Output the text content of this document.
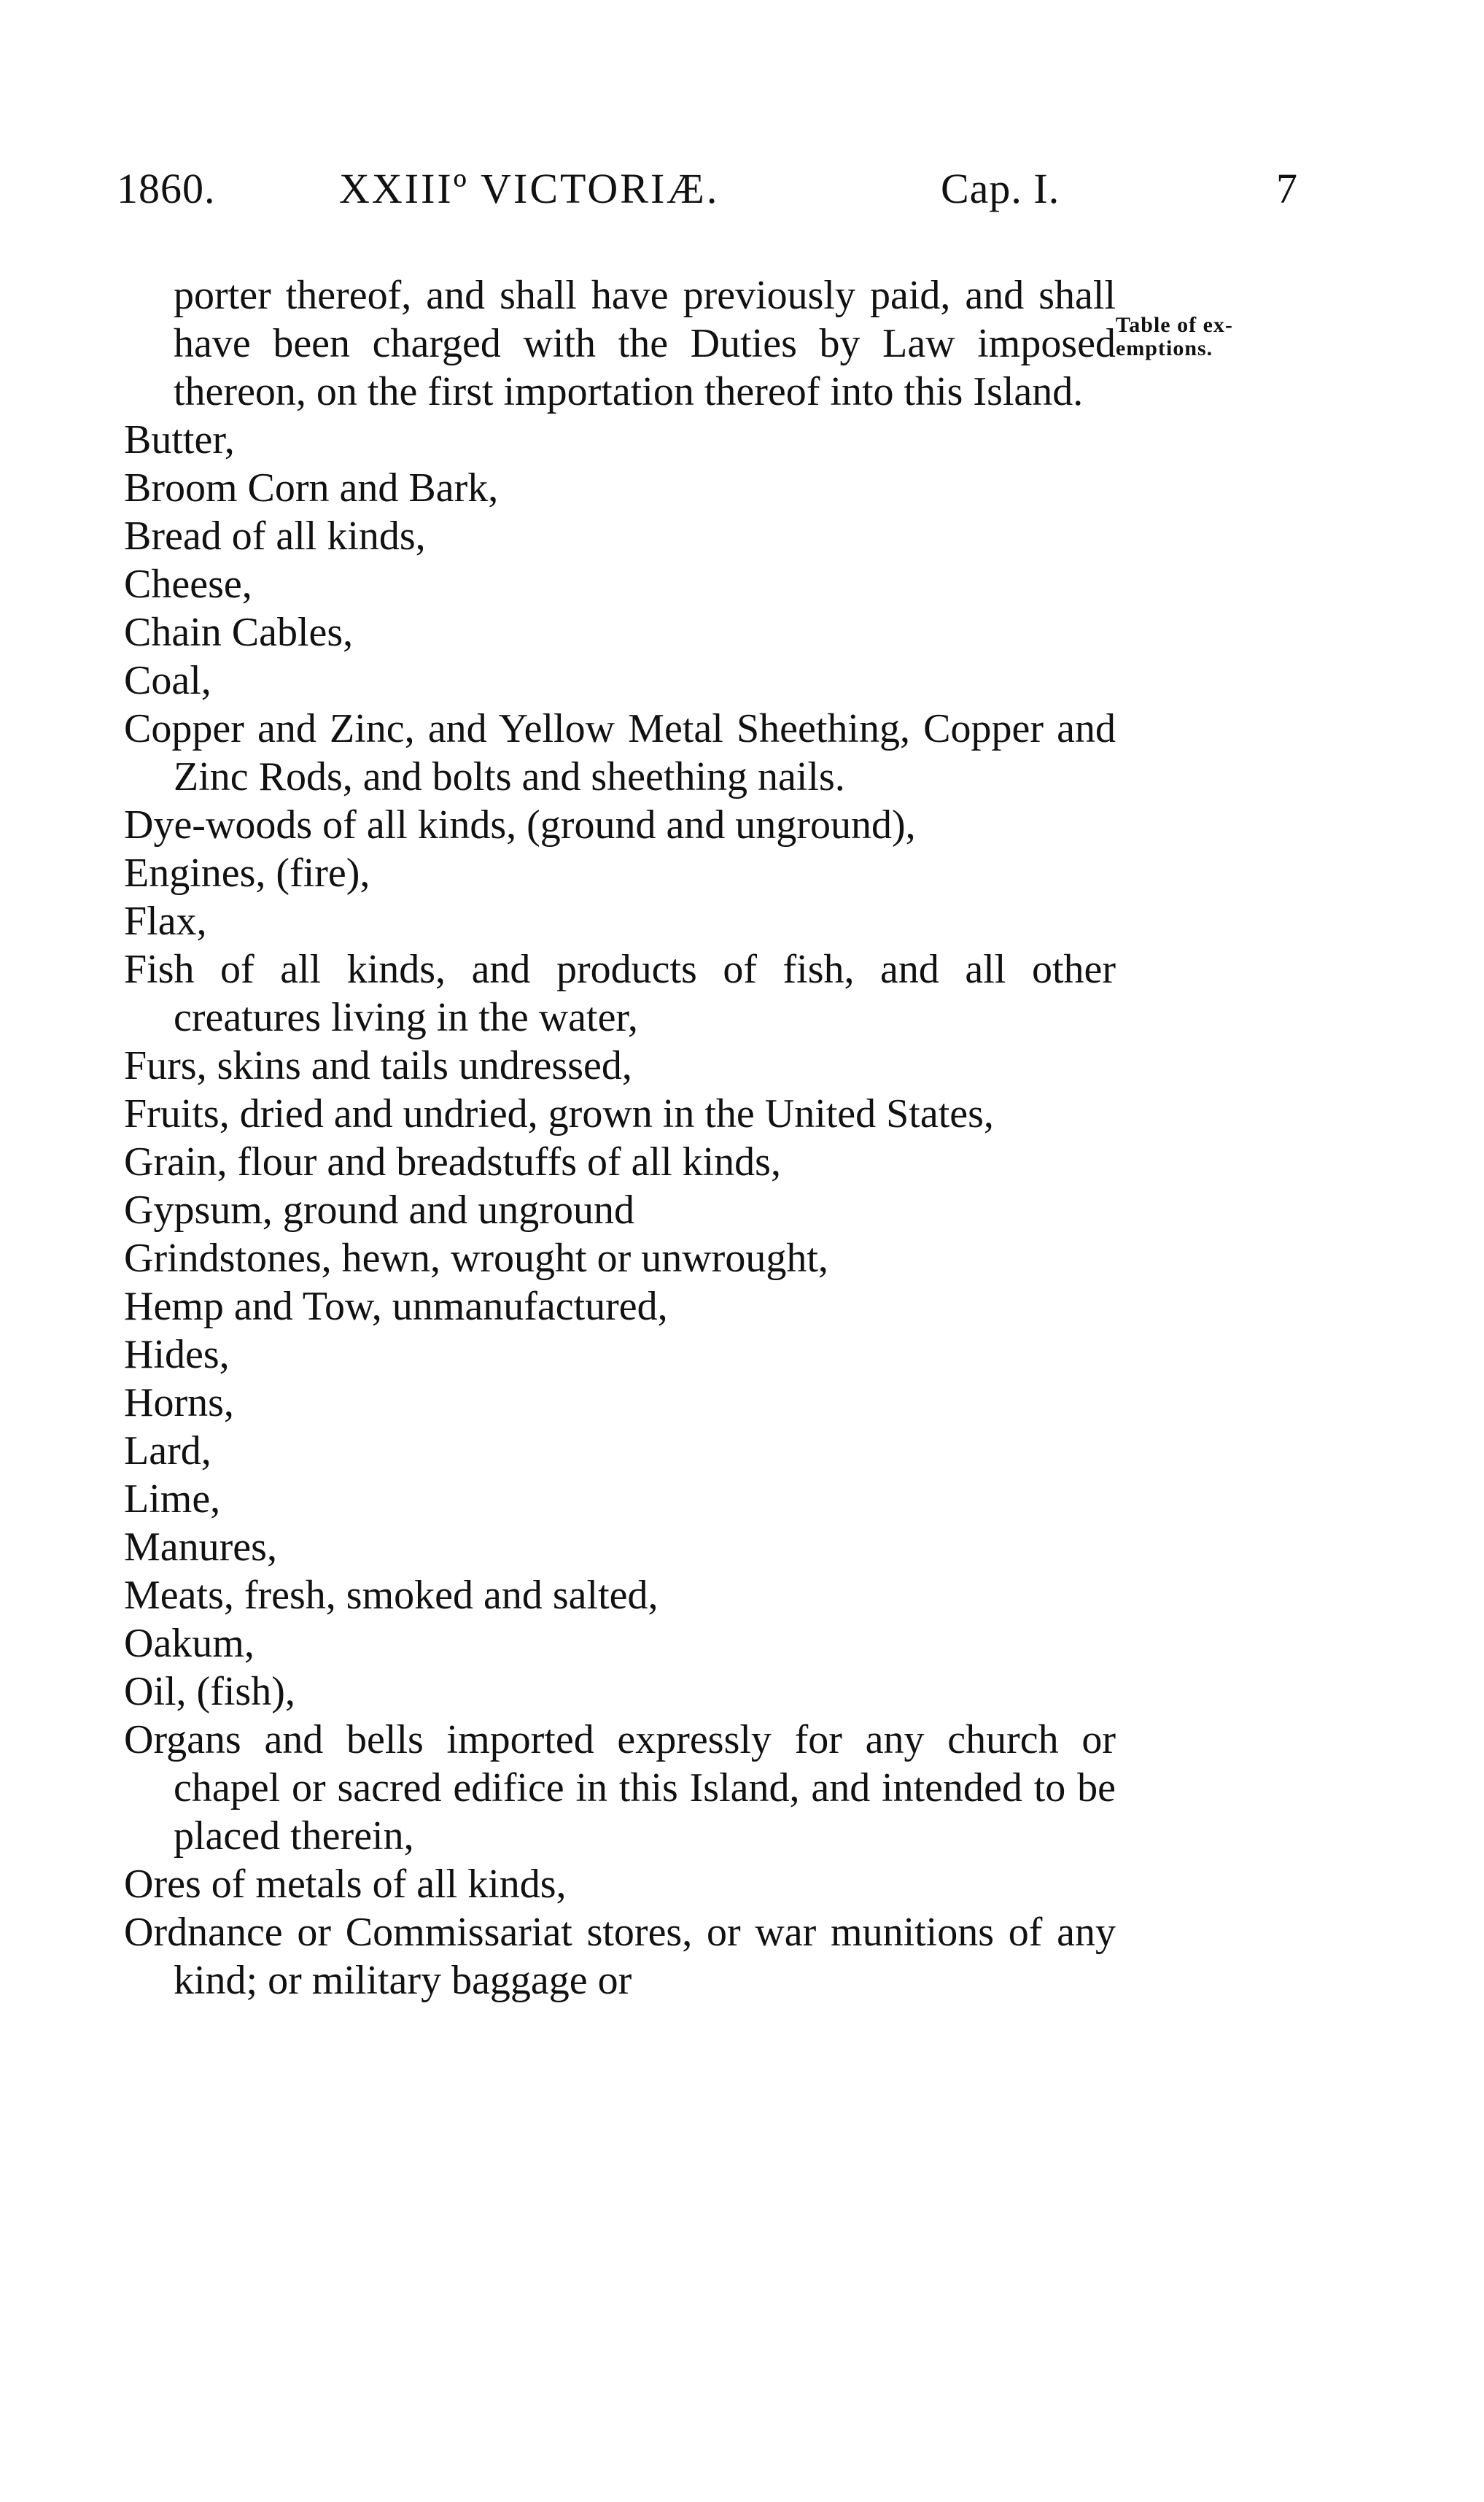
1860.	XXIIIº VICTORIÆ.	Cap. I.	7
Table of ex-
emptions.

porter thereof, and shall have previously paid, and shall have been charged with the Duties by Law imposed thereon, on the first importation thereof into this Island.

Butter,

Broom Corn and Bark,

Bread of all kinds,

Cheese,

Chain Cables,

Coal,

Copper and Zinc, and Yellow Metal Sheething, Copper and Zinc Rods, and bolts and sheething nails.

Dye-woods of all kinds, (ground and unground),

Engines, (fire),

Flax,

Fish of all kinds, and products of fish, and all other creatures living in the water,

Furs, skins and tails undressed,

Fruits, dried and undried, grown in the United States,

Grain, flour and breadstuffs of all kinds,

Gypsum, ground and unground

Grindstones, hewn, wrought or unwrought,

Hemp and Tow, unmanufactured,

Hides,

Horns,

Lard,

Lime,

Manures,

Meats, fresh, smoked and salted,

Oakum,

Oil, (fish),

Organs and bells imported expressly for any church or chapel or sacred edifice in this Island, and intended to be placed therein,

Ores of metals of all kinds,

Ordnance or Commissariat stores, or war munitions of any kind; or military baggage or
